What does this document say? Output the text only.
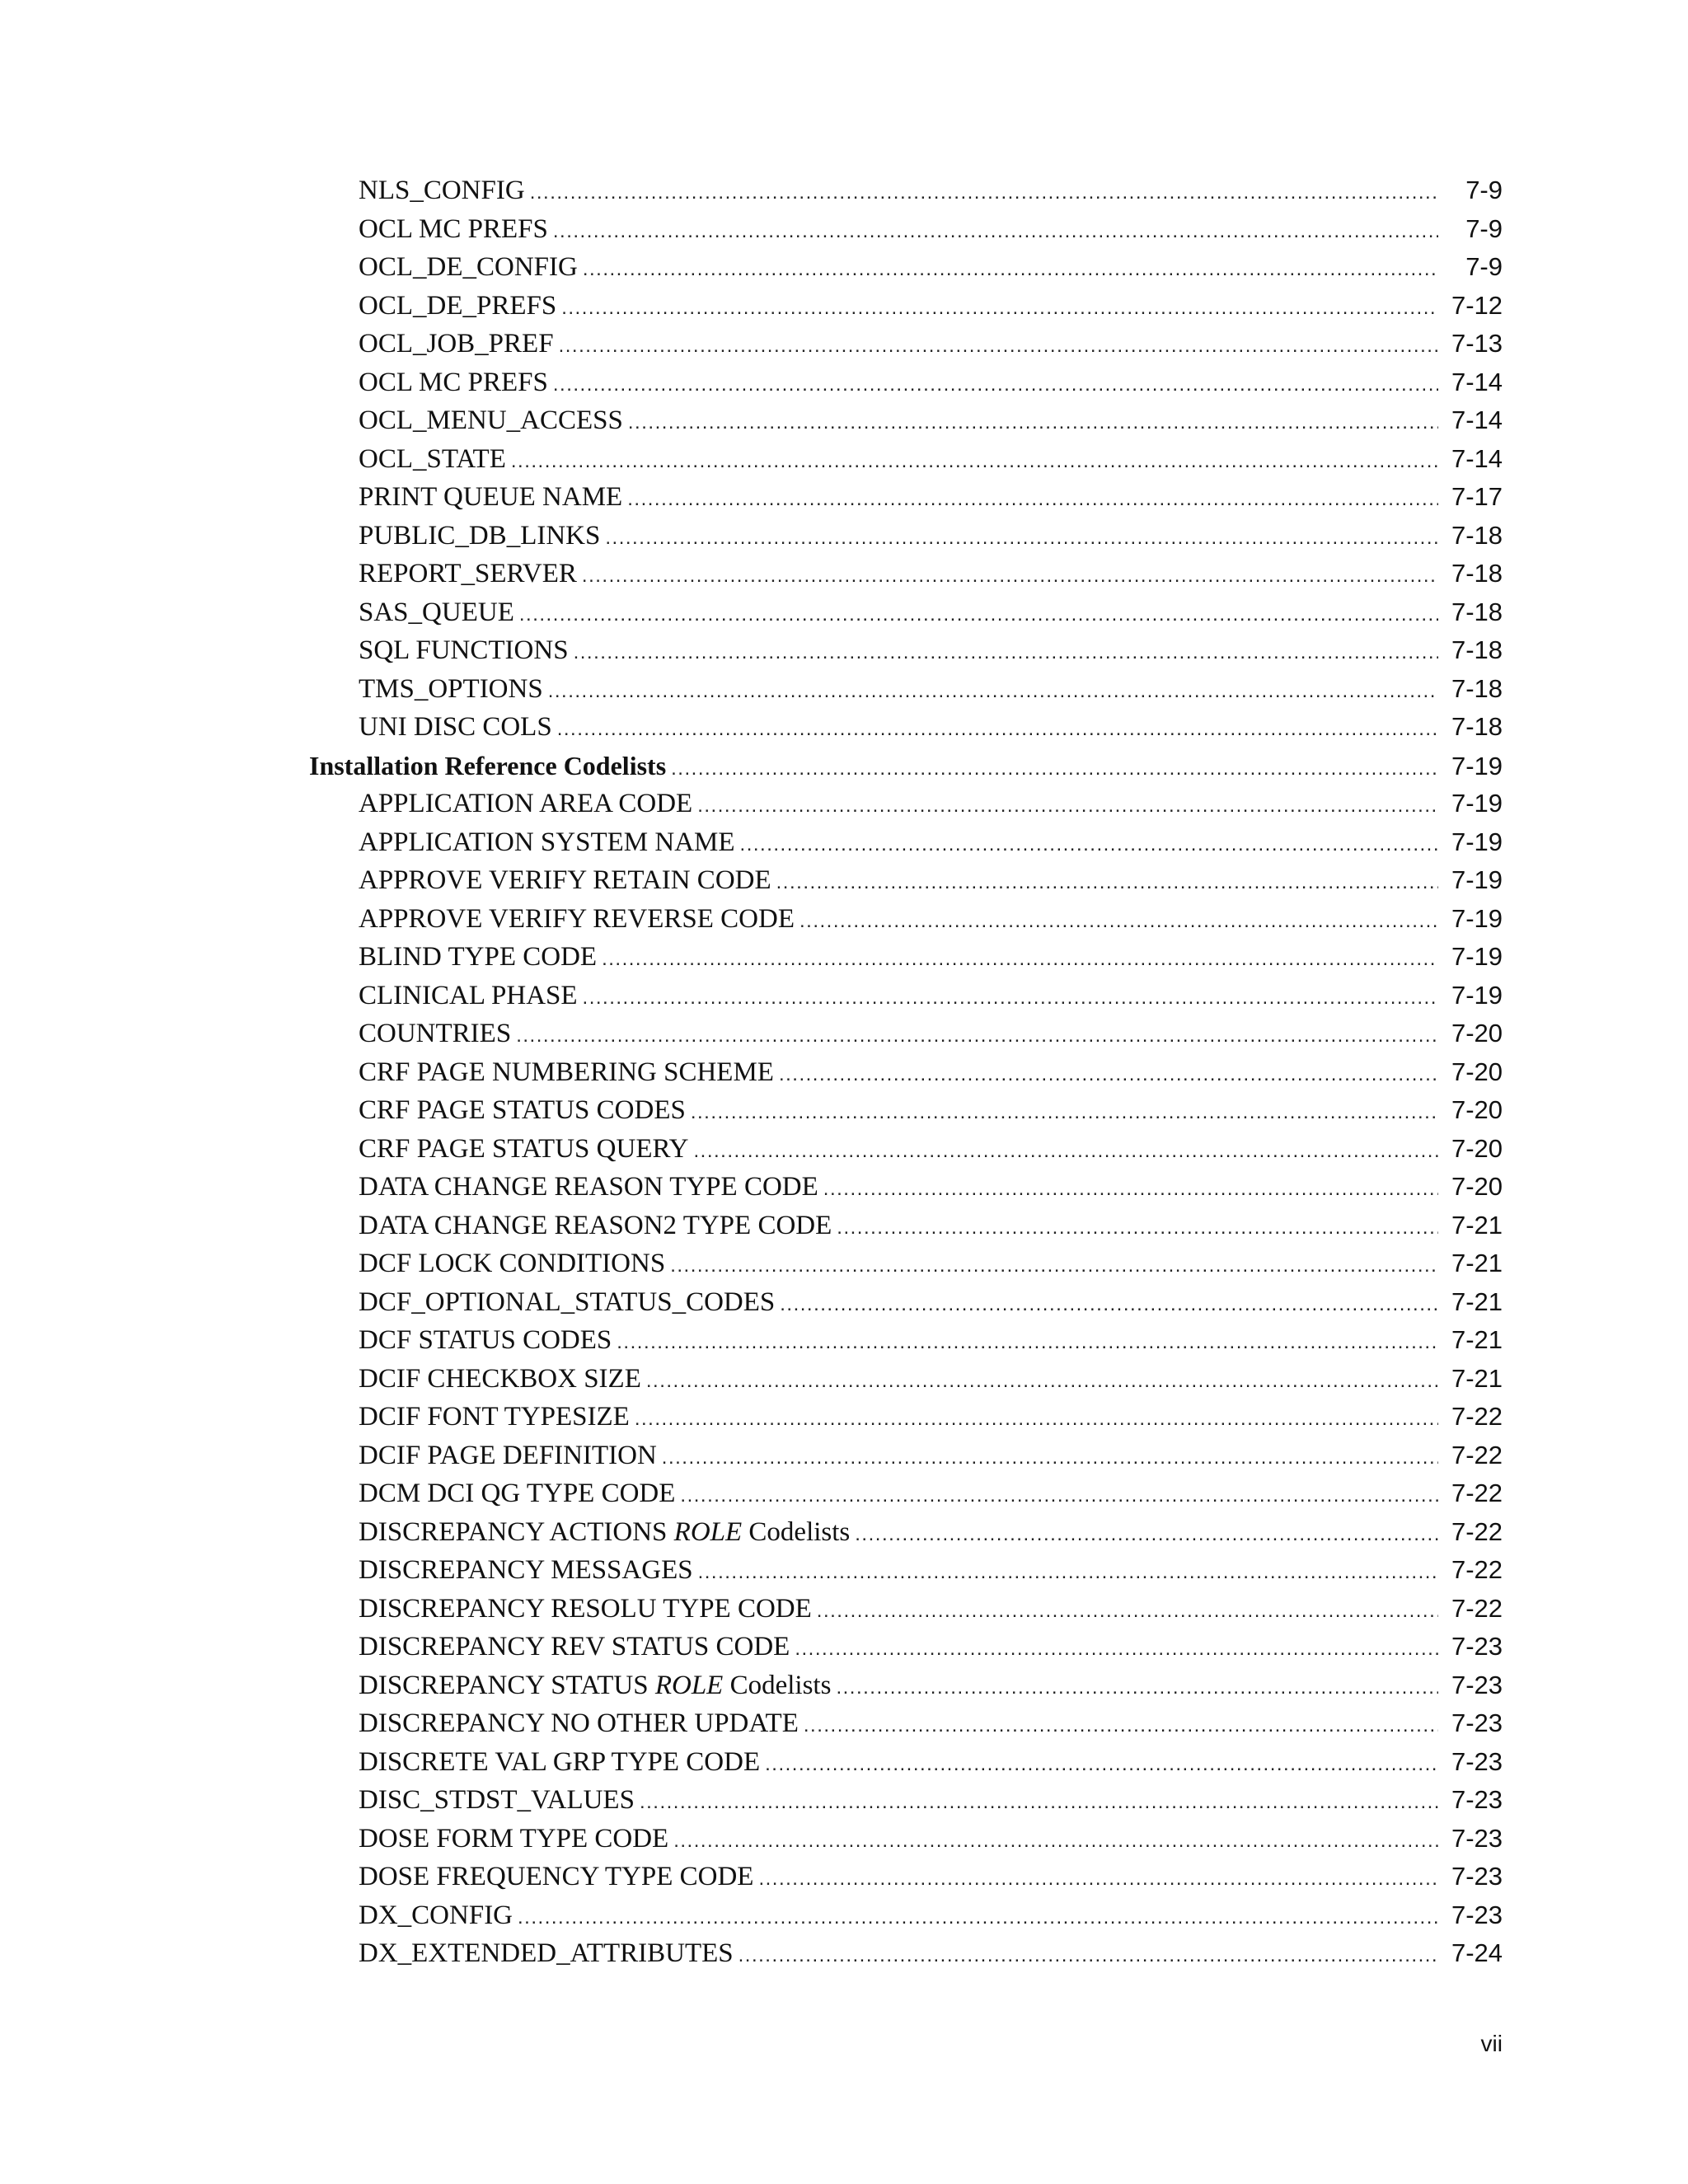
NLS_CONFIG .....	7-9
OCL MC PREFS .....	7-9
OCL_DE_CONFIG .....	7-9
OCL_DE_PREFS .....	7-12
OCL_JOB_PREF .....	7-13
OCL MC PREFS .....	7-14
OCL_MENU_ACCESS .....	7-14
OCL_STATE .....	7-14
PRINT QUEUE NAME .....	7-17
PUBLIC_DB_LINKS .....	7-18
REPORT_SERVER .....	7-18
SAS_QUEUE .....	7-18
SQL FUNCTIONS .....	7-18
TMS_OPTIONS .....	7-18
UNI DISC COLS .....	7-18
Installation Reference Codelists .....	7-19
APPLICATION AREA CODE .....	7-19
APPLICATION SYSTEM NAME .....	7-19
APPROVE VERIFY RETAIN CODE .....	7-19
APPROVE VERIFY REVERSE CODE .....	7-19
BLIND TYPE CODE .....	7-19
CLINICAL PHASE .....	7-19
COUNTRIES .....	7-20
CRF PAGE NUMBERING SCHEME .....	7-20
CRF PAGE STATUS CODES .....	7-20
CRF PAGE STATUS QUERY .....	7-20
DATA CHANGE REASON TYPE CODE .....	7-20
DATA CHANGE REASON2 TYPE CODE .....	7-21
DCF LOCK CONDITIONS .....	7-21
DCF_OPTIONAL_STATUS_CODES .....	7-21
DCF STATUS CODES .....	7-21
DCIF CHECKBOX SIZE .....	7-21
DCIF FONT TYPESIZE .....	7-22
DCIF PAGE DEFINITION .....	7-22
DCM DCI QG TYPE CODE .....	7-22
DISCREPANCY ACTIONS ROLE Codelists .....	7-22
DISCREPANCY MESSAGES .....	7-22
DISCREPANCY RESOLU TYPE CODE .....	7-22
DISCREPANCY REV STATUS CODE .....	7-23
DISCREPANCY STATUS ROLE Codelists .....	7-23
DISCREPANCY NO OTHER UPDATE .....	7-23
DISCRETE VAL GRP TYPE CODE .....	7-23
DISC_STDST_VALUES .....	7-23
DOSE FORM TYPE CODE .....	7-23
DOSE FREQUENCY TYPE CODE .....	7-23
DX_CONFIG .....	7-23
DX_EXTENDED_ATTRIBUTES .....	7-24
vii
